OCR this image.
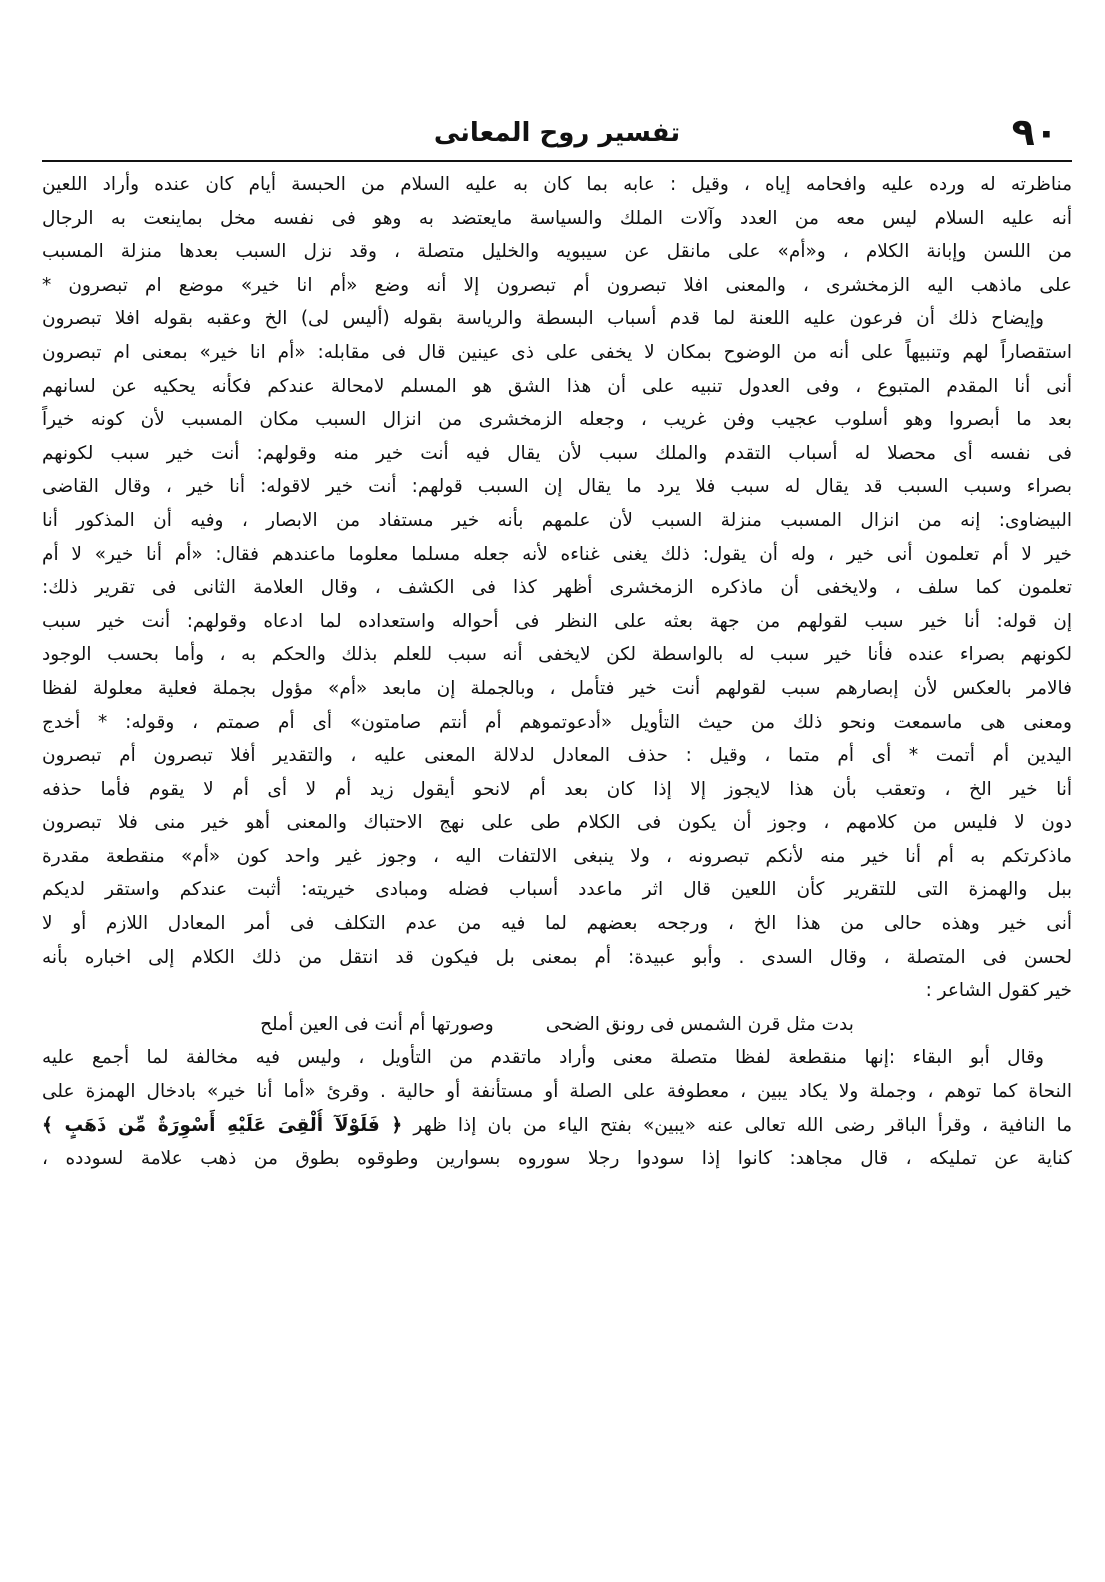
٩٠
تفسير روح المعانى
مناظرته له ورده عليه وافحامه إياه ، وقيل : عابه بما كان به عليه السلام من الحبسة أيام كان عنده وأراد اللعين
أنه عليه السلام ليس معه من العدد وآلات الملك والسياسة مايعتضد به وهو فى نفسه مخل بماينعت به الرجال
من اللسن وإبانة الكلام ، و«أم» على مانقل عن سيبويه والخليل متصلة ، وقد نزل السبب بعدها منزلة المسبب
على ماذهب اليه الزمخشرى ، والمعنى افلا تبصرون أم تبصرون إلا أنه وضع «أم انا خير» موضع ام تبصرون *
وإيضاح ذلك أن فرعون عليه اللعنة لما قدم أسباب البسطة والرياسة بقوله (أليس لى) الخ وعقبه بقوله افلا تبصرون
استقصاراً لهم وتنبيهاً على أنه من الوضوح بمكان لا يخفى على ذى عينين قال فى مقابله: «أم انا خير» بمعنى ام تبصرون
أنى أنا المقدم المتبوع ، وفى العدول تنبيه على أن هذا الشق هو المسلم لامحالة عندكم فكأنه يحكيه عن لسانهم
بعد ما أبصروا وهو أسلوب عجيب وفن غريب ، وجعله الزمخشرى من انزال السبب مكان المسبب لأن كونه خيراً
فى نفسه أى محصلا له أسباب التقدم والملك سبب لأن يقال فيه أنت خير منه وقولهم: أنت خير سبب لكونهم
بصراء وسبب السبب قد يقال له سبب فلا يرد ما يقال إن السبب قولهم: أنت خير لاقوله: أنا خير ، وقال القاضى
البيضاوى: إنه من انزال المسبب منزلة السبب لأن علمهم بأنه خير مستفاد من الابصار ، وفيه أن المذكور أنا
خير لا أم تعلمون أنى خير ، وله أن يقول: ذلك يغنى غناءه لأنه جعله مسلما معلوما ماعندهم فقال: «أم أنا خير» لا أم
تعلمون كما سلف ، ولايخفى أن ماذكره الزمخشرى أظهر كذا فى الكشف ، وقال العلامة الثانى فى تقرير ذلك:
إن قوله: أنا خير سبب لقولهم من جهة بعثه على النظر فى أحواله واستعداده لما ادعاه وقولهم: أنت خير سبب
لكونهم بصراء عنده فأنا خير سبب له بالواسطة لكن لايخفى أنه سبب للعلم بذلك والحكم به ، وأما بحسب الوجود
فالامر بالعكس لأن إبصارهم سبب لقولهم أنت خير فتأمل ، وبالجملة إن مابعد «أم» مؤول بجملة فعلية معلولة لفظا
ومعنى هى ماسمعت ونحو ذلك من حيث التأويل «أدعوتموهم أم أنتم صامتون» أى أم صمتم ، وقوله: * أخدج
اليدين أم أتمت * أى أم متما ، وقيل : حذف المعادل لدلالة المعنى عليه ، والتقدير أفلا تبصرون أم تبصرون
أنا خير الخ ، وتعقب بأن هذا لايجوز إلا إذا كان بعد أم لانحو أيقول زيد أم لا أى أم لا يقوم فأما حذفه
دون لا فليس من كلامهم ، وجوز أن يكون فى الكلام طى على نهج الاحتباك والمعنى أهو خير منى فلا تبصرون
ماذكرتكم به أم أنا خير منه لأنكم تبصرونه ، ولا ينبغى الالتفات اليه ، وجوز غير واحد كون «أم» منقطعة مقدرة
ببل والهمزة التى للتقرير كأن اللعين قال اثر ماعدد أسباب فضله ومبادى خيريته: أثبت عندكم واستقر لديكم
أنى خير وهذه حالى من هذا الخ ، ورجحه بعضهم لما فيه من عدم التكلف فى أمر المعادل اللازم أو لا
لحسن فى المتصلة ، وقال السدى . وأبو عبيدة: أم بمعنى بل فيكون قد انتقل من ذلك الكلام إلى اخباره بأنه
خير كقول الشاعر :
بدت مثل قرن الشمس فى رونق الضحى
وصورتها أم أنت فى العين أملح
وقال أبو البقاء :إنها منقطعة لفظا متصلة معنى وأراد ماتقدم من التأويل ، وليس فيه مخالفة لما أجمع عليه
النحاة كما توهم ، وجملة ولا يكاد يبين ، معطوفة على الصلة أو مستأنفة أو حالية . وقرئ «أما أنا خير» بادخال الهمزة على
ما النافية ، وقرأ الباقر رضى الله تعالى عنه «يبين» بفتح الياء من بان إذا ظهر ﴿ فَلَوْلَآ أُلْقِىَ عَلَيْهِ أَسْوِرَةٌ مِّن ذَهَبٍ ﴾
كناية عن تمليكه ، قال مجاهد: كانوا إذا سودوا رجلا سوروه بسوارين وطوقوه بطوق من ذهب علامة لسودده ،
